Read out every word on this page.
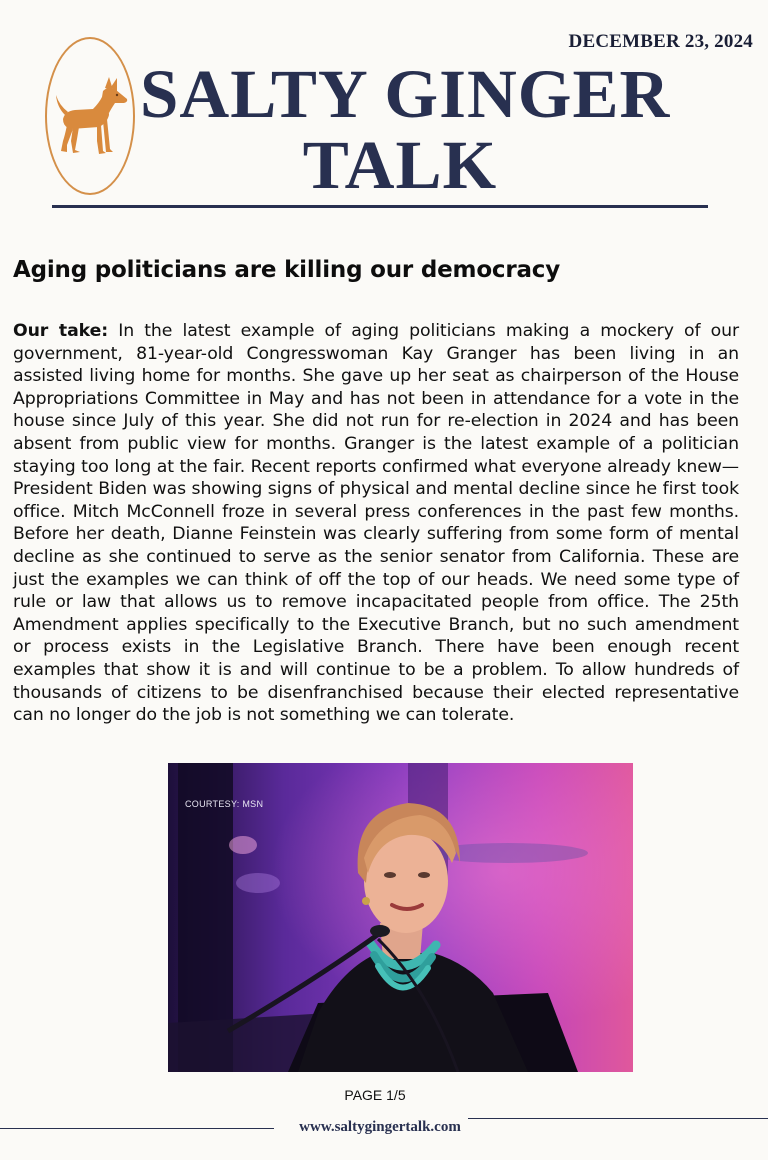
DECEMBER 23, 2024
SALTY GINGER
TALK
Aging politicians are killing our democracy
Our take: In the latest example of aging politicians making a mockery of our government, 81-year-old Congresswoman Kay Granger has been living in an assisted living home for months. She gave up her seat as chairperson of the House Appropriations Committee in May and has not been in attendance for a vote in the house since July of this year. She did not run for re-election in 2024 and has been absent from public view for months. Granger is the latest example of a politician staying too long at the fair. Recent reports confirmed what everyone already knew—President Biden was showing signs of physical and mental decline since he first took office. Mitch McConnell froze in several press conferences in the past few months. Before her death, Dianne Feinstein was clearly suffering from some form of mental decline as she continued to serve as the senior senator from California. These are just the examples we can think of off the top of our heads. We need some type of rule or law that allows us to remove incapacitated people from office. The 25th Amendment applies specifically to the Executive Branch, but no such amendment or process exists in the Legislative Branch. There have been enough recent examples that show it is and will continue to be a problem. To allow hundreds of thousands of citizens to be disenfranchised because their elected representative can no longer do the job is not something we can tolerate.
COURTESY: MSN
PAGE 1/5
www.saltygingertalk.com
